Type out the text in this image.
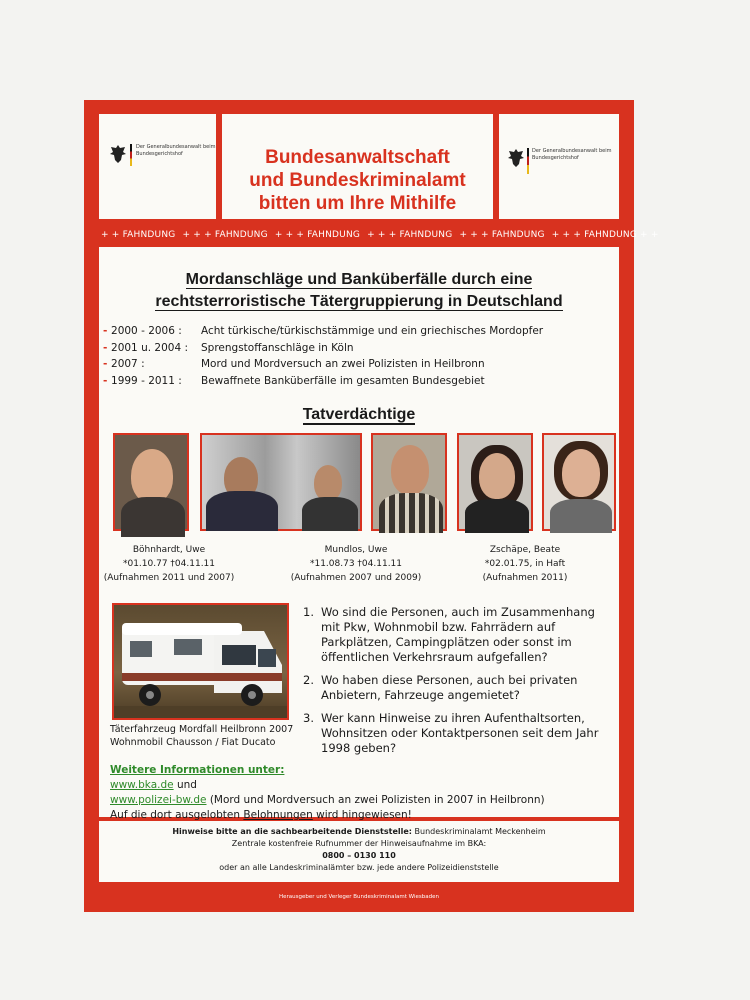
Der Generalbundesanwalt beim Bundesgerichtshof	Bundesanwaltschaft
und Bundeskriminalamt
bitten um Ihre Mithilfe
Der Generalbundesanwalt beim Bundesgerichtshof
+ + FAHNDUNG + + + FAHNDUNG + + + FAHNDUNG + + + FAHNDUNG + + + FAHNDUNG + + + FAHNDUNG + +
Mordanschläge und Banküberfälle durch eine
rechtsterroristische Tätergruppierung in Deutschland
- 2000 - 2006 :	Acht türkische/türkischstämmige und ein griechisches Mordopfer
- 2001 u. 2004 :	Sprengstoffanschläge in Köln
- 2007 :	Mord und Mordversuch an zwei Polizisten in Heilbronn
- 1999 - 2011 :	Bewaffnete Banküberfälle im gesamten Bundesgebiet
Tatverdächtige
Böhnhardt, Uwe
*01.10.77 †04.11.11
(Aufnahmen 2011 und 2007)
Mundlos, Uwe
*11.08.73 †04.11.11
(Aufnahmen 2007 und 2009)
Zschäpe, Beate
*02.01.75, in Haft
(Aufnahmen 2011)
Täterfahrzeug Mordfall Heilbronn 2007
Wohnmobil Chausson / Fiat Ducato
1. Wo sind die Personen, auch im Zusammenhang mit Pkw, Wohnmobil bzw. Fahrrädern auf Parkplätzen, Campingplätzen oder sonst im öffentlichen Verkehrsraum aufgefallen?
2. Wo haben diese Personen, auch bei privaten Anbietern, Fahrzeuge angemietet?
3. Wer kann Hinweise zu ihren Aufenthaltsorten, Wohnsitzen oder Kontaktpersonen seit dem Jahr 1998 geben?
Weitere Informationen unter:
www.bka.de und
www.polizei-bw.de (Mord und Mordversuch an zwei Polizisten in 2007 in Heilbronn)
Auf die dort ausgelobten Belohnungen wird hingewiesen!
Hinweise bitte an die sachbearbeitende Dienststelle: Bundeskriminalamt Meckenheim
Zentrale kostenfreie Rufnummer der Hinweisaufnahme im BKA:
0800 – 0130 110
oder an alle Landeskriminalämter bzw. jede andere Polizeidienststelle
Herausgeber und Verleger Bundeskriminalamt Wiesbaden
